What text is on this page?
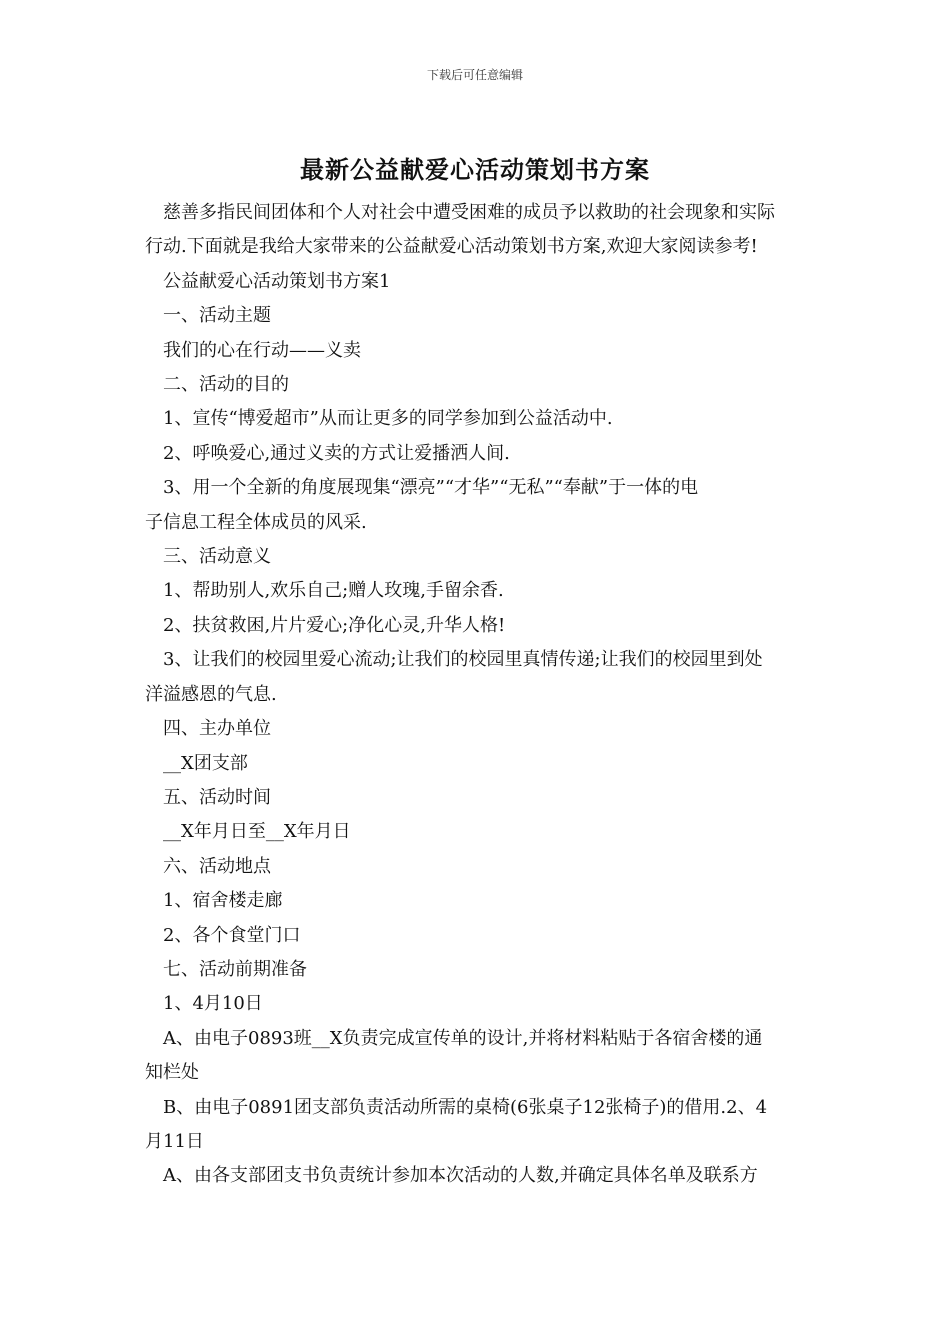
下载后可任意编辑
最新公益献爱心活动策划书方案

慈善多指民间团体和个人对社会中遭受困难的成员予以救助的社会现象和实际

行动.下面就是我给大家带来的公益献爱心活动策划书方案,欢迎大家阅读参考!

公益献爱心活动策划书方案1

一、活动主题

我们的心在行动——义卖

二、活动的目的

1、宣传“博爱超市”从而让更多的同学参加到公益活动中.

2、呼唤爱心,通过义卖的方式让爱播洒人间.

3、用一个全新的角度展现集“漂亮”“才华”“无私”“奉献”于一体的电

子信息工程全体成员的风采.

三、活动意义

1、帮助别人,欢乐自己;赠人玫瑰,手留余香.

2、扶贫救困,片片爱心;净化心灵,升华人格!

3、让我们的校园里爱心流动;让我们的校园里真情传递;让我们的校园里到处

洋溢感恩的气息.

四、主办单位

__X团支部

五、活动时间

__X年月日至__X年月日

六、活动地点

1、宿舍楼走廊

2、各个食堂门口

七、活动前期准备

1、4月10日

A、由电子0893班__X负责完成宣传单的设计,并将材料粘贴于各宿舍楼的通

知栏处

B、由电子0891团支部负责活动所需的桌椅(6张桌子12张椅子)的借用.2、4

月11日

A、由各支部团支书负责统计参加本次活动的人数,并确定具体名单及联系方
